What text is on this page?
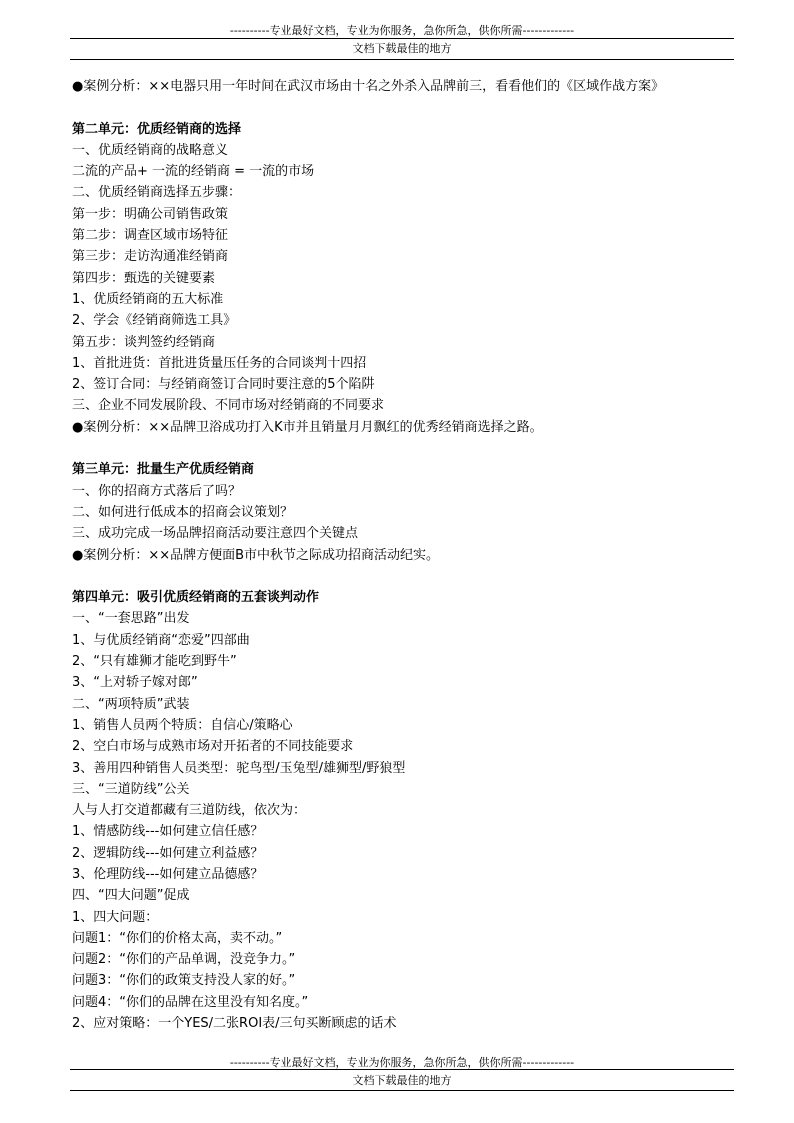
----------专业最好文档，专业为你服务，急你所急，供你所需-------------
文档下载最佳的地方
●案例分析：××电器只用一年时间在武汉市场由十名之外杀入品牌前三，看看他们的《区域作战方案》
第二单元：优质经销商的选择
一、优质经销商的战略意义
二流的产品+ 一流的经销商 = 一流的市场
二、优质经销商选择五步骤：
第一步：明确公司销售政策
第二步：调查区域市场特征
第三步：走访沟通准经销商
第四步：甄选的关键要素
1、优质经销商的五大标准
2、学会《经销商筛选工具》
第五步：谈判签约经销商
1、首批进货：首批进货量压任务的合同谈判十四招
2、签订合同：与经销商签订合同时要注意的5个陷阱
三、企业不同发展阶段、不同市场对经销商的不同要求
●案例分析：××品牌卫浴成功打入K市并且销量月月飘红的优秀经销商选择之路。
第三单元：批量生产优质经销商
一、你的招商方式落后了吗？
二、如何进行低成本的招商会议策划？
三、成功完成一场品牌招商活动要注意四个关键点
●案例分析：××品牌方便面B市中秋节之际成功招商活动纪实。
第四单元：吸引优质经销商的五套谈判动作
一、“一套思路”出发
1、与优质经销商“恋爱”四部曲
2、“只有雄狮才能吃到野牛”
3、“上对轿子嫁对郎”
二、“两项特质”武装
1、销售人员两个特质：自信心/策略心
2、空白市场与成熟市场对开拓者的不同技能要求
3、善用四种销售人员类型：驼鸟型/玉兔型/雄狮型/野狼型
三、“三道防线”公关
人与人打交道都藏有三道防线，依次为：
1、情感防线---如何建立信任感？
2、逻辑防线---如何建立利益感？
3、伦理防线---如何建立品德感？
四、“四大问题”促成
1、四大问题：
问题1：“你们的价格太高，卖不动。”
问题2：“你们的产品单调，没竞争力。”
问题3：“你们的政策支持没人家的好。”
问题4：“你们的品牌在这里没有知名度。”
2、应对策略：一个YES/二张ROI表/三句买断顾虑的话术
----------专业最好文档，专业为你服务，急你所急，供你所需-------------
文档下载最佳的地方
